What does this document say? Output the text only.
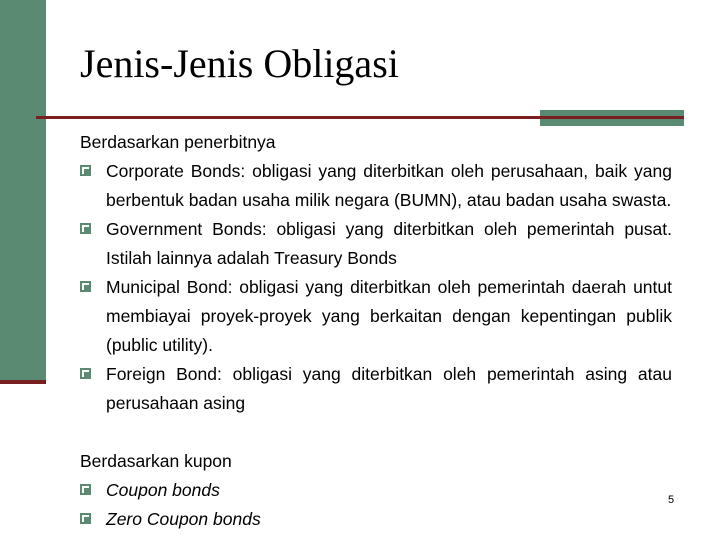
Jenis-Jenis Obligasi

Berdasarkan penerbitnya

Corporate Bonds: obligasi yang diterbitkan oleh perusahaan, baik yang berbentuk badan usaha milik negara (BUMN), atau badan usaha swasta.
Government Bonds: obligasi yang diterbitkan oleh pemerintah pusat. Istilah lainnya adalah Treasury Bonds
Municipal Bond: obligasi yang diterbitkan oleh pemerintah daerah untut membiayai proyek-proyek yang berkaitan dengan kepentingan publik (public utility).
Foreign Bond: obligasi yang diterbitkan oleh pemerintah asing atau perusahaan asing

Berdasarkan kupon

Coupon bonds
Zero Coupon bonds
5
